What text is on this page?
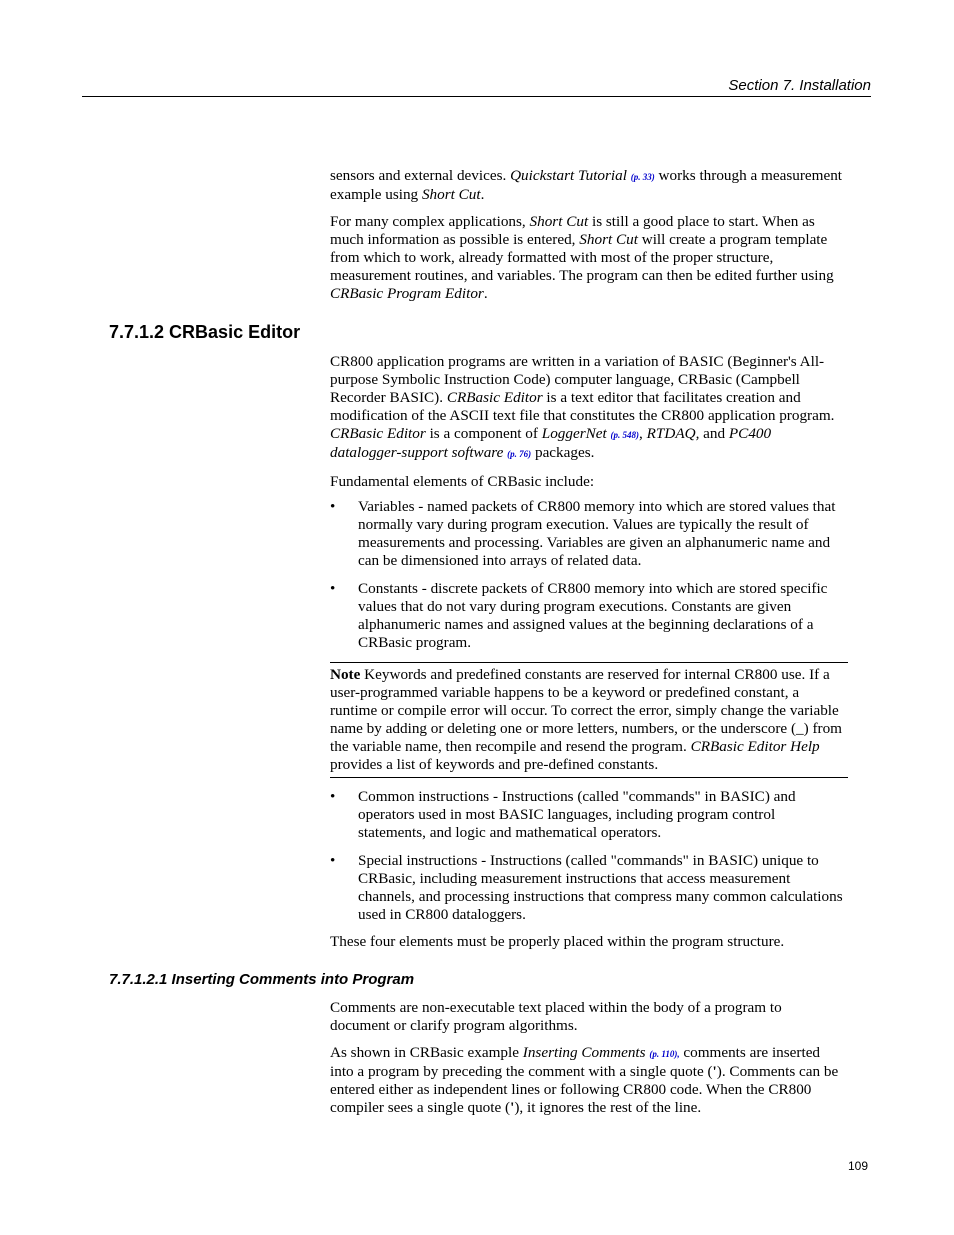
Section 7. Installation

sensors and external devices. Quickstart Tutorial (p. 33) works through a measurement example using Short Cut.

For many complex applications, Short Cut is still a good place to start. When as much information as possible is entered, Short Cut will create a program template from which to work, already formatted with most of the proper structure, measurement routines, and variables. The program can then be edited further using CRBasic Program Editor.

7.7.1.2 CRBasic Editor

CR800 application programs are written in a variation of BASIC (Beginner's All-purpose Symbolic Instruction Code) computer language, CRBasic (Campbell Recorder BASIC). CRBasic Editor is a text editor that facilitates creation and modification of the ASCII text file that constitutes the CR800 application program. CRBasic Editor is a component of LoggerNet (p. 548), RTDAQ, and PC400 datalogger-support software (p. 76) packages.

Fundamental elements of CRBasic include:

• Variables - named packets of CR800 memory into which are stored values that normally vary during program execution. Values are typically the result of measurements and processing. Variables are given an alphanumeric name and can be dimensioned into arrays of related data.
• Constants - discrete packets of CR800 memory into which are stored specific values that do not vary during program executions. Constants are given alphanumeric names and assigned values at the beginning declarations of a CRBasic program.
Note Keywords and predefined constants are reserved for internal CR800 use. If a user-programmed variable happens to be a keyword or predefined constant, a runtime or compile error will occur. To correct the error, simply change the variable name by adding or deleting one or more letters, numbers, or the underscore (_) from the variable name, then recompile and resend the program. CRBasic Editor Help provides a list of keywords and pre-defined constants.
• Common instructions - Instructions (called "commands" in BASIC) and operators used in most BASIC languages, including program control statements, and logic and mathematical operators.
• Special instructions - Instructions (called "commands" in BASIC) unique to CRBasic, including measurement instructions that access measurement channels, and processing instructions that compress many common calculations used in CR800 dataloggers.

These four elements must be properly placed within the program structure.

7.7.1.2.1 Inserting Comments into Program

Comments are non-executable text placed within the body of a program to document or clarify program algorithms.

As shown in CRBasic example Inserting Comments (p. 110), comments are inserted into a program by preceding the comment with a single quote ('). Comments can be entered either as independent lines or following CR800 code. When the CR800 compiler sees a single quote ('), it ignores the rest of the line.

109
